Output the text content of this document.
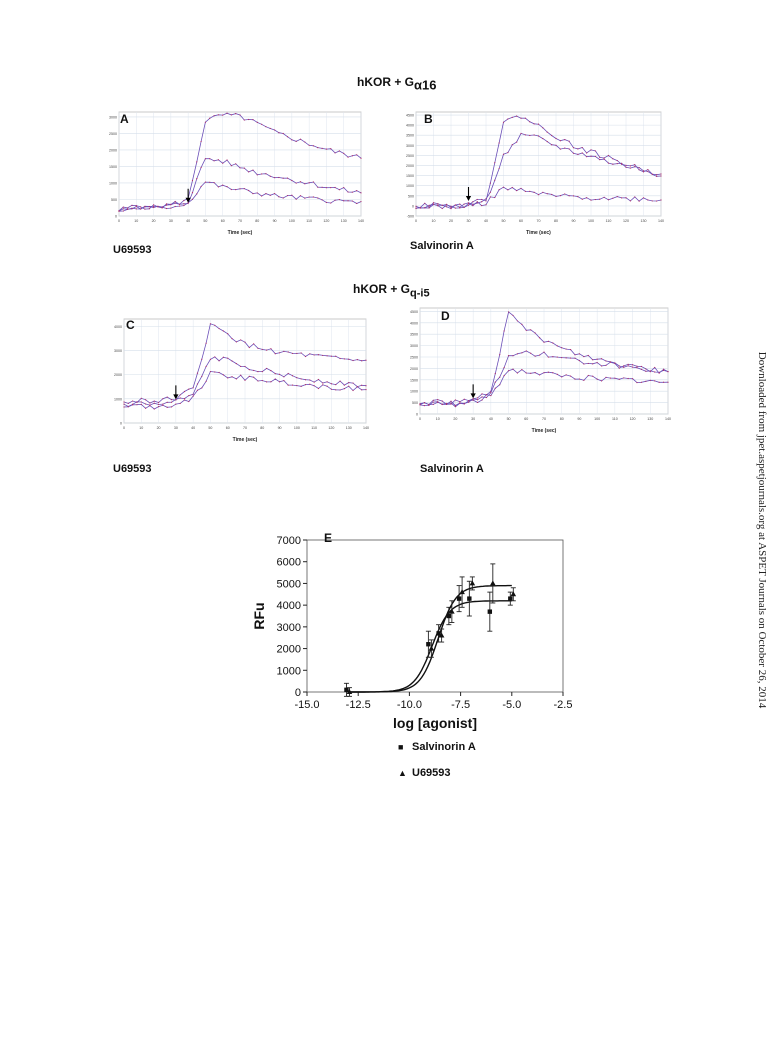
hKOR + $G_{\alpha 16}$
hKOR + $G_{q-i5}$
0
500
1000
1500
2000
2500
3000
0	10	20	30	40	50	60	70	80	90	100	110	120	130	140
Time (sec)
A
U69593
-500
0
500
1000
1500
2000
2500
3000
3500
4000
4500
0	10	20	30	40	50	60	70	80	90	100	110	120	130	140
Time (sec)
B
Salvinorin A
0
1000
2000
3000
4000
0	10	20	30	40	50	60	70	80	90	100	110	120	130	140
Time (sec)
C
U69593
0
500
1000
1500
2000
2500
3000
3500
4000
4500
0	10	20	30	40	50	60	70	80	90	100	110	120	130	140
Time (sec)
D
Salvinorin A
0
1000
2000
3000
4000
5000
6000
7000
-15.0 -12.5 -10.0	-7.5	-5.0	-2.5
RFu
log [agonist]
E
■ Salvinorin A
▲ U69593
Downloaded from jpet.aspetjournals.org at ASPET Journals on October 26, 2014
